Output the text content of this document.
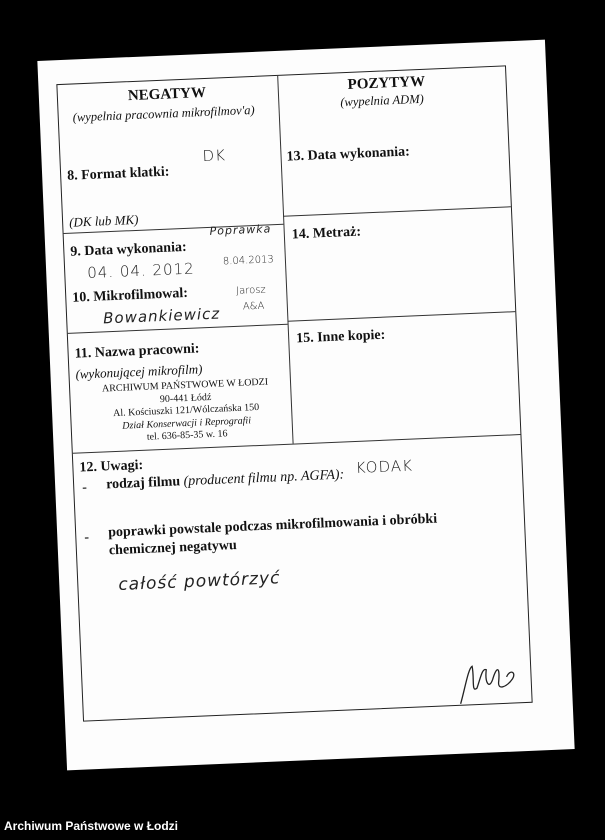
NEGATYW
(wypelnia pracownia mikrofilmov'a)
POZYTYW
(wypelnia ADM)
8. Format klatki:
DK
(DK lub MK)
13. Data wykonania:
9. Data wykonania:
Poprawka
04. 04. 2012	8.04.2013
10. Mikrofilmowal:
Bowankiewicz
Jarosz
A&A
14. Metraż:
11. Nazwa pracowni:
(wykonującej mikrofilm)
ARCHIWUM PAŃSTWOWE W ŁODZI
90-441 Łódź
Al. Kościuszki 121/Wólczańska 150
Dział Konserwacji i Reprografii
tel. 636-85-35 w. 16
15. Inne kopie:
12. Uwagi:
- rodzaj filmu (producent filmu np. AGFA):
KODAK
- poprawki powstale podczas mikrofilmowania i obróbki
chemicznej negatywu
całość powtórzyć
Archiwum Państwowe w Łodzi
